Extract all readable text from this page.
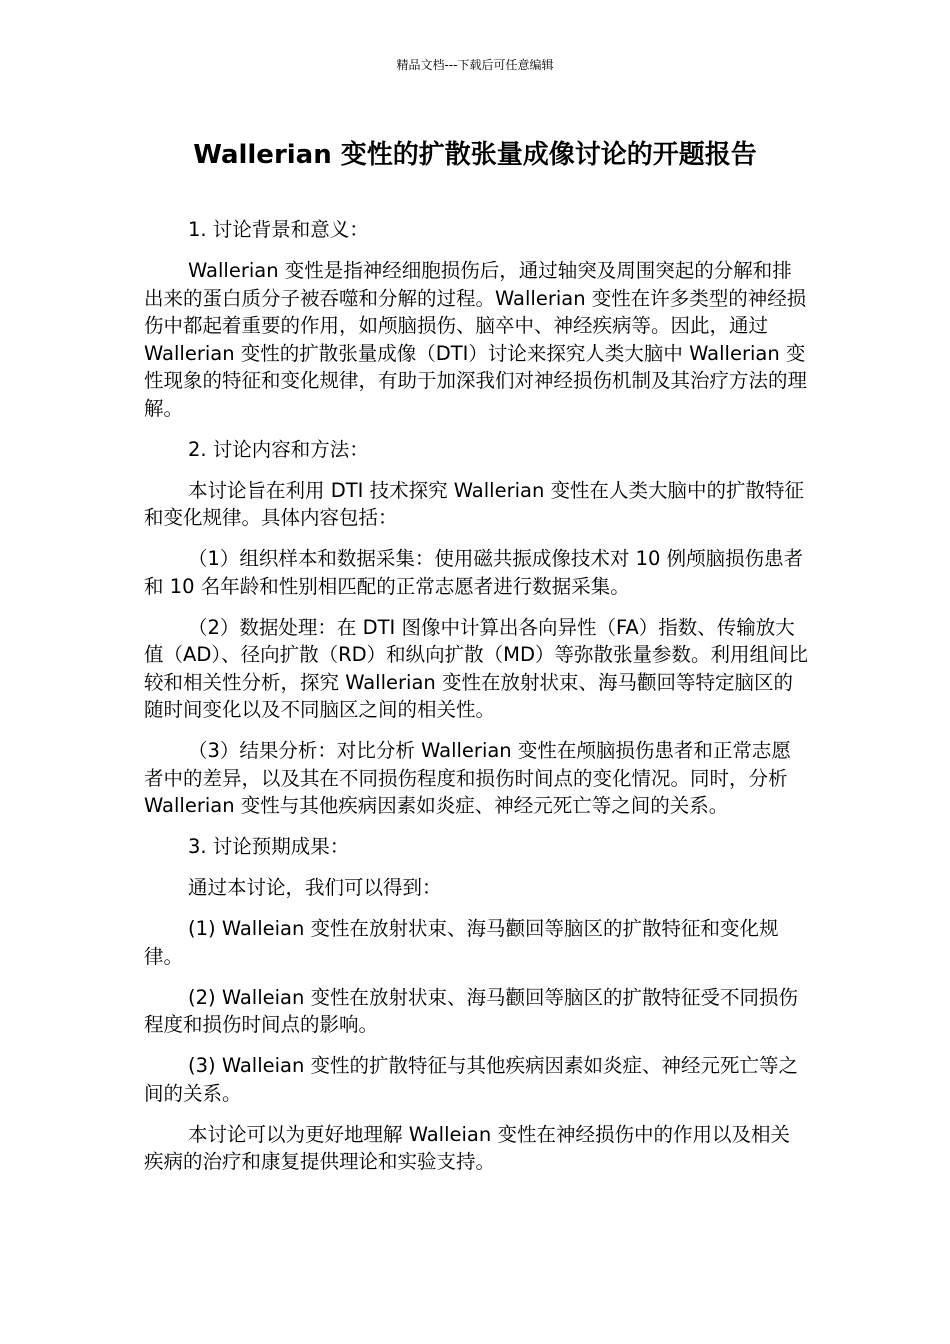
精品文档---下载后可任意编辑
Wallerian 变性的扩散张量成像讨论的开题报告

1. 讨论背景和意义：

Wallerian 变性是指神经细胞损伤后，通过轴突及周围突起的分解和排出来的蛋白质分子被吞噬和分解的过程。Wallerian 变性在许多类型的神经损伤中都起着重要的作用，如颅脑损伤、脑卒中、神经疾病等。因此，通过 Wallerian 变性的扩散张量成像（DTI）讨论来探究人类大脑中 Wallerian 变性现象的特征和变化规律，有助于加深我们对神经损伤机制及其治疗方法的理解。

2. 讨论内容和方法：

本讨论旨在利用 DTI 技术探究 Wallerian 变性在人类大脑中的扩散特征和变化规律。具体内容包括：

（1）组织样本和数据采集：使用磁共振成像技术对 10 例颅脑损伤患者和 10 名年龄和性别相匹配的正常志愿者进行数据采集。

（2）数据处理：在 DTI 图像中计算出各向异性（FA）指数、传输放大值（AD）、径向扩散（RD）和纵向扩散（MD）等弥散张量参数。利用组间比较和相关性分析，探究 Wallerian 变性在放射状束、海马颧回等特定脑区的随时间变化以及不同脑区之间的相关性。

（3）结果分析：对比分析 Wallerian 变性在颅脑损伤患者和正常志愿者中的差异，以及其在不同损伤程度和损伤时间点的变化情况。同时，分析 Wallerian 变性与其他疾病因素如炎症、神经元死亡等之间的关系。

3. 讨论预期成果：

通过本讨论，我们可以得到：

(1) Walleian 变性在放射状束、海马颧回等脑区的扩散特征和变化规律。

(2) Walleian 变性在放射状束、海马颧回等脑区的扩散特征受不同损伤程度和损伤时间点的影响。

(3) Walleian 变性的扩散特征与其他疾病因素如炎症、神经元死亡等之间的关系。

本讨论可以为更好地理解 Walleian 变性在神经损伤中的作用以及相关疾病的治疗和康复提供理论和实验支持。
